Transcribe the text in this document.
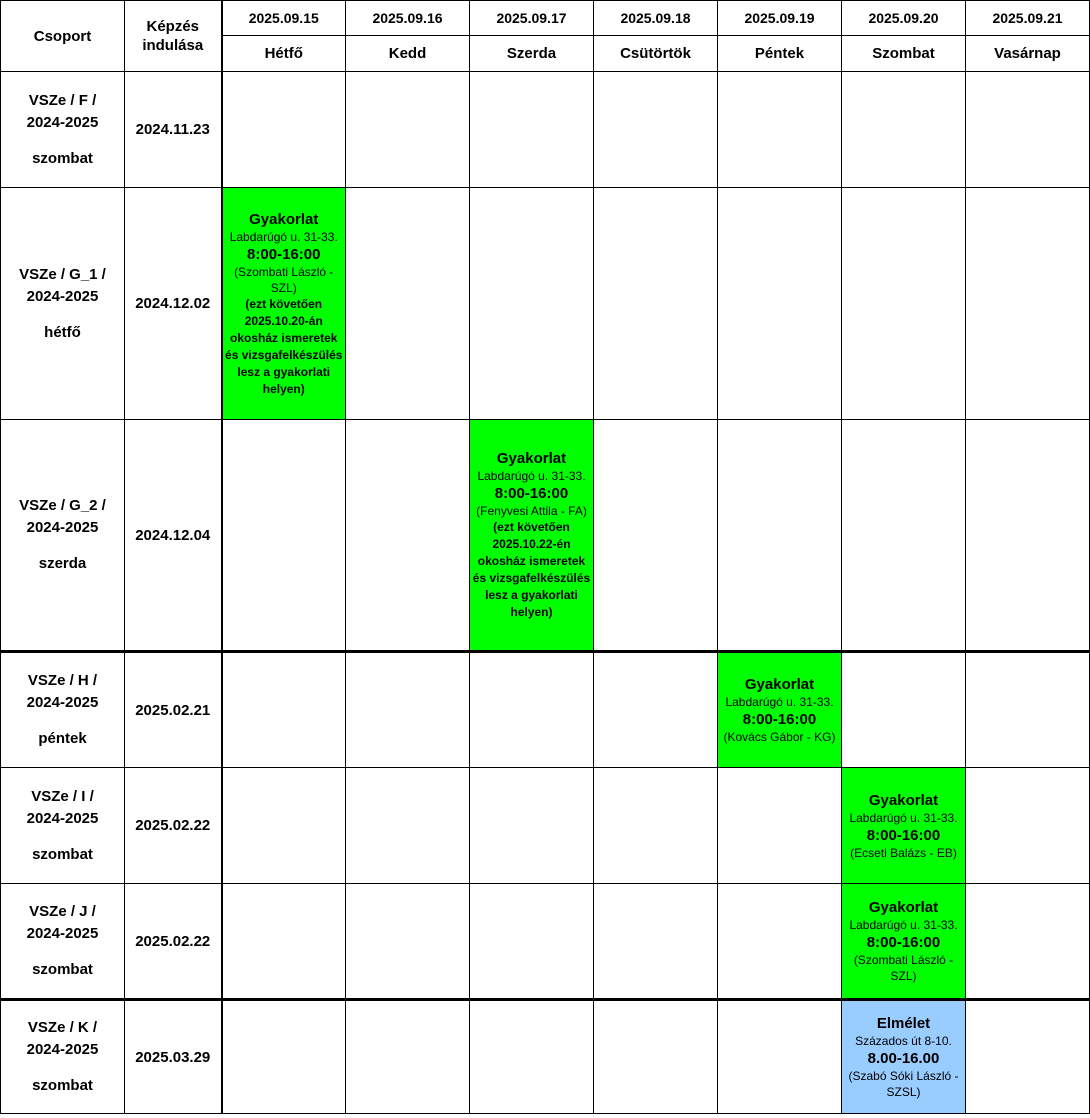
Csoport	Képzés indulása	2025.09.15	2025.09.16	2025.09.17	2025.09.18	2025.09.19	2025.09.20	2025.09.21
		Hétfő	Kedd	Szerda	Csütörtök	Péntek	Szombat	Vasárnap
VSZe / F /
2024-2025
szombat	2024.11.23							
VSZe / G_1 /
2024-2025
hétfő	2024.12.02	Gyakorlat
Labdarúgó u. 31-33.
8:00-16:00
(Szombati László - SZL)
(ezt követően 2025.10.20-án okosház ismeretek és vizsgafelkészülés lesz a gyakorlati helyen)						

VSZe / G_2 /
2024-2025
szerda	2024.12.04			Gyakorlat
Labdarúgó u. 31-33.
8:00-16:00
(Fenyvesi Attila - FA)
(ezt követően 2025.10.22-én okosház ismeretek és vizsgafelkészülés lesz a gyakorlati helyen)				

VSZe / H /
2024-2025
péntek	2025.02.21					Gyakorlat
Labdarúgó u. 31-33.
8:00-16:00
(Kovács Gábor - KG)		

VSZe / I /
2024-2025
szombat	2025.02.22						Gyakorlat
Labdarúgó u. 31-33.
8:00-16:00
(Ecseti Balázs - EB)	

VSZe / J /
2024-2025
szombat	2025.02.22						Gyakorlat
Labdarúgó u. 31-33.
8:00-16:00
(Szombati László - SZL)	

VSZe / K /
2024-2025
szombat	2025.03.29						Elmélet
Százados út 8-10.
8.00-16.00
(Szabó Sóki László - SZSL)	
